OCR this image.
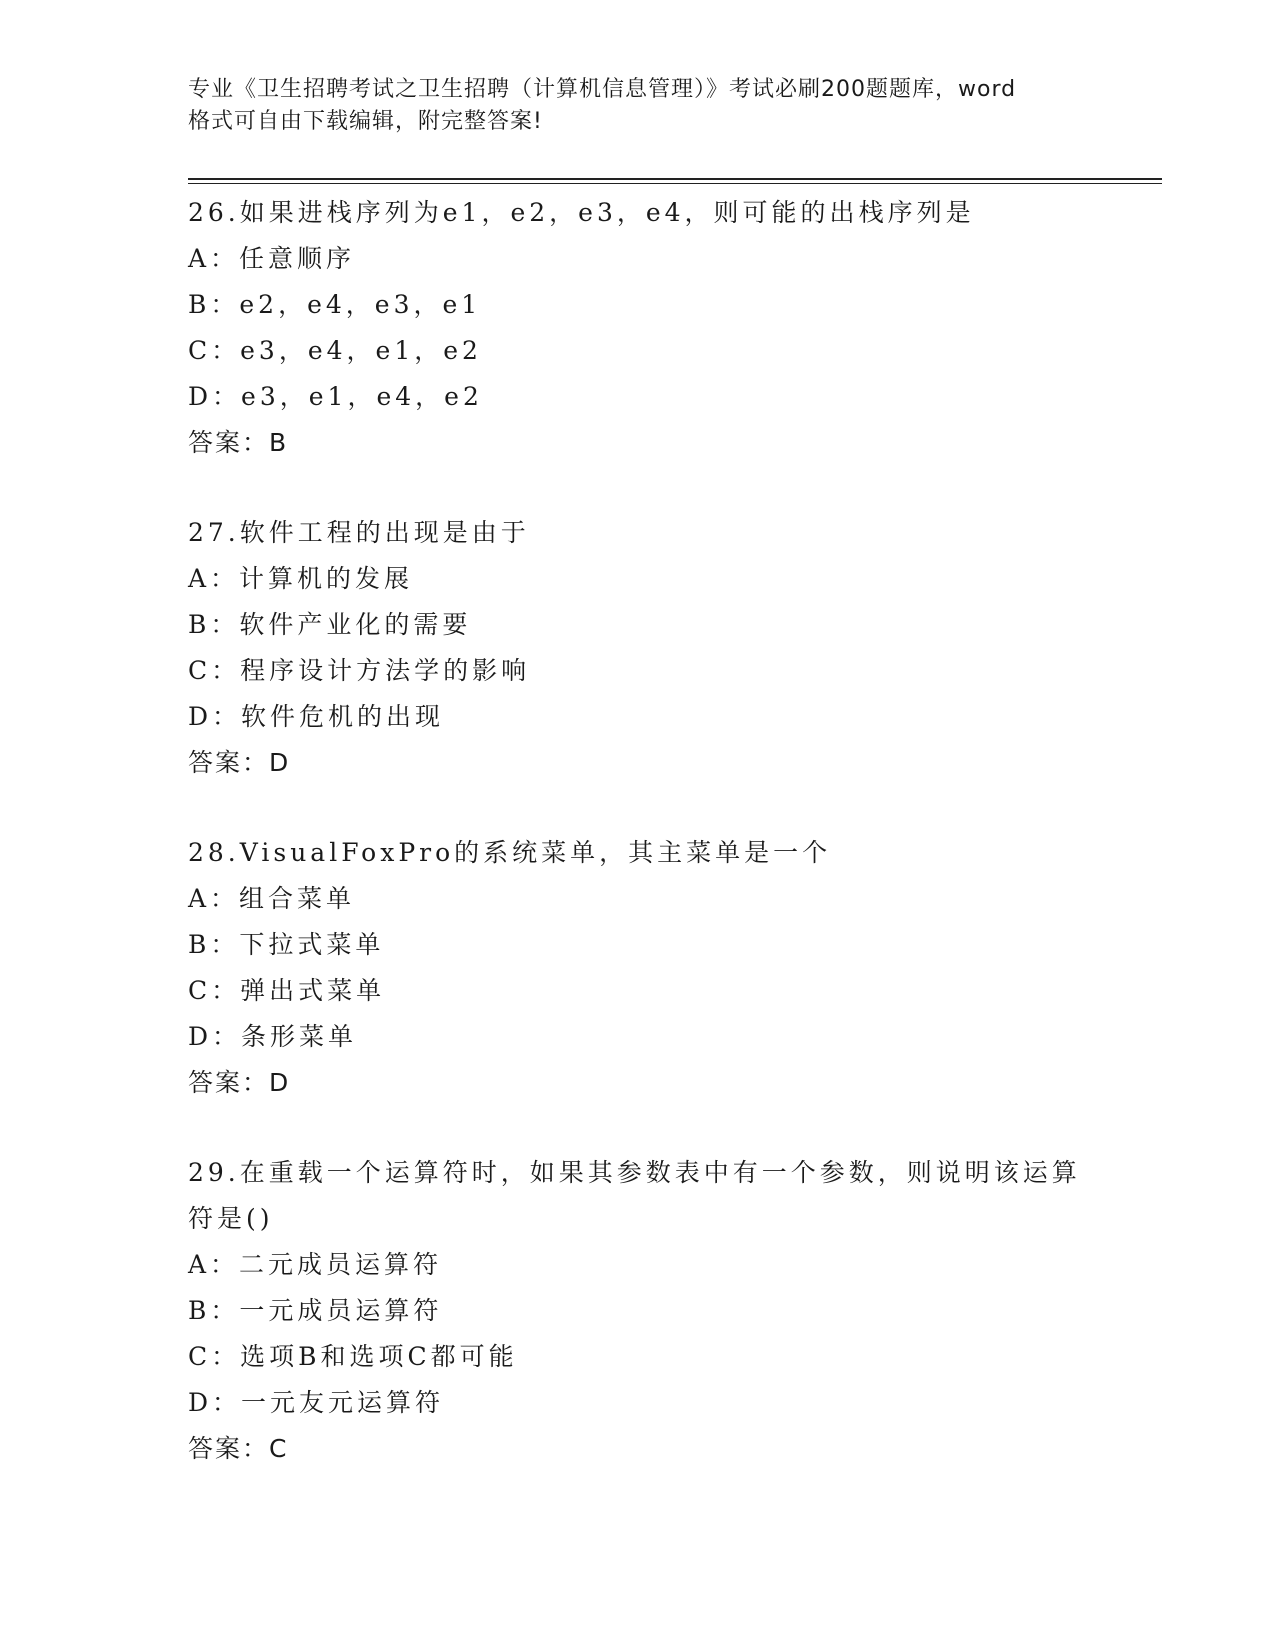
专业《卫生招聘考试之卫生招聘（计算机信息管理）》考试必刷200题题库，word
格式可自由下载编辑，附完整答案!
26.如果进栈序列为e1，e2，e3，e4，则可能的出栈序列是
A：任意顺序
B：e2，e4，e3，e1
C：e3，e4，e1，e2
D：e3，e1，e4，e2
答案：B
27.软件工程的出现是由于
A：计算机的发展
B：软件产业化的需要
C：程序设计方法学的影响
D：软件危机的出现
答案：D
28.VisualFoxPro的系统菜单，其主菜单是一个
A：组合菜单
B：下拉式菜单
C：弹出式菜单
D：条形菜单
答案：D
29.在重载一个运算符时，如果其参数表中有一个参数，则说明该运算
符是()
A：二元成员运算符
B：一元成员运算符
C：选项B和选项C都可能
D：一元友元运算符
答案：C
